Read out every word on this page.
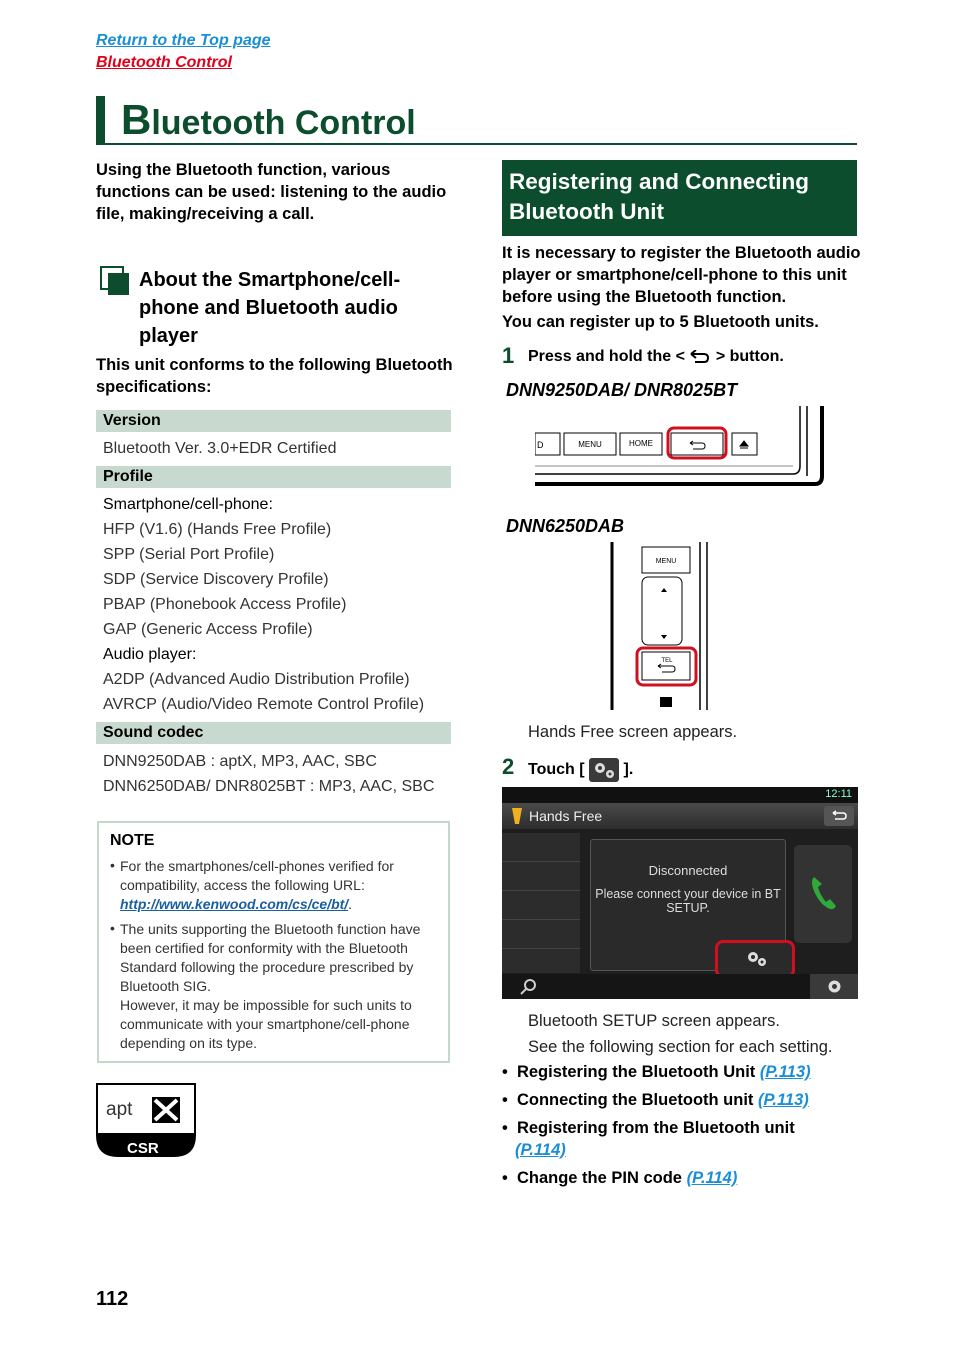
Return to the Top page
Bluetooth Control
Bluetooth Control
Using the Bluetooth function, various functions can be used: listening to the audio file, making/receiving a call.
About the Smartphone/cell-phone and Bluetooth audio player
This unit conforms to the following Bluetooth specifications:
Version
Bluetooth Ver. 3.0+EDR Certified
Profile
Smartphone/cell-phone:
HFP (V1.6) (Hands Free Profile)
SPP (Serial Port Profile)
SDP (Service Discovery Profile)
PBAP (Phonebook Access Profile)
GAP (Generic Access Profile)
Audio player:
A2DP (Advanced Audio Distribution Profile)
AVRCP (Audio/Video Remote Control Profile)
Sound codec
DNN9250DAB : aptX, MP3, AAC, SBC
DNN6250DAB/ DNR8025BT : MP3, AAC, SBC
NOTE
• For the smartphones/cell-phones verified for compatibility, access the following URL: http://www.kenwood.com/cs/ce/bt/.
• The units supporting the Bluetooth function have
been certified for conformity with the Bluetooth
Standard following the procedure prescribed by
Bluetooth SIG.
However, it may be impossible for such units to
communicate with your smartphone/cell-phone
depending on its type.
apt
CSR
112
Registering and Connecting
Bluetooth Unit
It is necessary to register the Bluetooth audio player or smartphone/cell-phone to this unit before using the Bluetooth function.
You can register up to 5 Bluetooth units.
1 Press and hold the < > button.
DNN9250DAB/ DNR8025BT
D	MENU	HOME
DNN6250DAB
MENU
TEL
Hands Free screen appears.
2 Touch [ ].
12:11
Hands Free
Disconnected
Please connect your device in BT
SETUP.
Bluetooth SETUP screen appears.
See the following section for each setting.
•  Registering the Bluetooth Unit (P.113)
•  Connecting the Bluetooth unit (P.113)
•  Registering from the Bluetooth unit
(P.114)
•  Change the PIN code (P.114)
